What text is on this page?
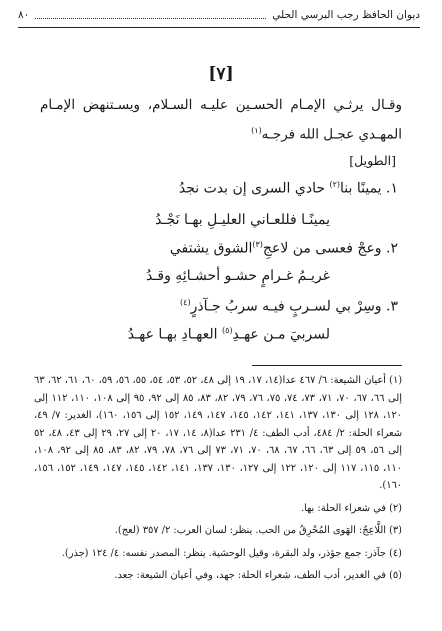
ديوان الحافظ رجب البرسي الحلي
٨٠
[٧]
وقـال يرثـي الإمـام الحسـين عليـه السـلام، ويسـتنهض الإمـام المهـدي عجـل الله فرجـه$^{(١)}$
[الطويل]
١. يمينًا بنا$^{(٢)}$ حادي السرى إن بدت نجدُ
يمينًـا فللعـاني العليـلِ بهـا نَجْـدُ
٢. وعجْ فعسى من لاعجِ$^{(٣)}$الشوق يشتفي
غريـمُ غـرامٍ حشـو أحشـائِهِ وقـدُ
٣. وسِرْ بي لسـربٍ فيـه سربُ جـآذرٍ$^{(٤)}$
لسربيَ مـن عهـدِ$^{(٥)}$ العهـادِ بهـا عهـدُ

(١) أعيان الشيعة: ٦/ ٤٦٧ عدا(١٤، ١٧، ١٩ إلى ٤٨، ٥٢، ٥٣، ٥٤، ٥٥، ٥٦، ٥٩، ٦٠، ٦١، ٦٢، ٦٣ إلى ٦٦، ٦٧، ٧٠، ٧١، ٧٣، ٧٤، ٧٥، ٧٦، ٧٩، ٨٢، ٨٣، ٨٥ إلى ٩٢، ٩٥ إلى ١٠٨، ١١٠، ١١٢ إلى ١٢٠، ١٢٨ إلى ١٣٠، ١٣٧، ١٤١، ١٤٢، ١٤٥، ١٤٧، ١٤٩، ١٥٢ إلى ١٥٦، ١٦٠)، الغدير: ٧/ ٤٩، شعراء الحلة: ٢/ ٤٨٤، أدب الطف: ٤/ ٢٣١ عدا(٨، ١٤، ١٧، ٢٠ إلى ٢٧، ٢٩ إلى ٤٣، ٤٨، ٥٢ إلى ٥٦، ٥٩ إلى ٦٣، ٦٦، ٦٧، ٦٨، ٧٠، ٧١، ٧٣ إلى ٧٦، ٧٨، ٧٩، ٨٢، ٨٣، ٨٥ إلى ٩٢، ١٠٨، ١١٠، ١١٥، ١١٧ إلى ١٢٠، ١٢٢ إلى ١٢٧، ١٣٠، ١٣٧، ١٤١، ١٤٢، ١٤٥، ١٤٧، ١٤٩، ١٥٢، ١٥٦، ١٦٠).

(٢) في شعراء الحلة: بها.

(٣) اللَّاعِجُ: الهَوى المُحْرِقُ من الحب. ينظر: لسان العرب: ٢/ ٣٥٧ (لعج).

(٤) جآذر: جمع جؤذر، ولد البقرة، وقيل الوحشية. ينظر: المصدر نفسه: ٤/ ١٢٤ (جذر).

(٥) في الغدير، أدب الطف، شعراء الحلة: جهد، وفي أعيان الشيعة: جعد.
